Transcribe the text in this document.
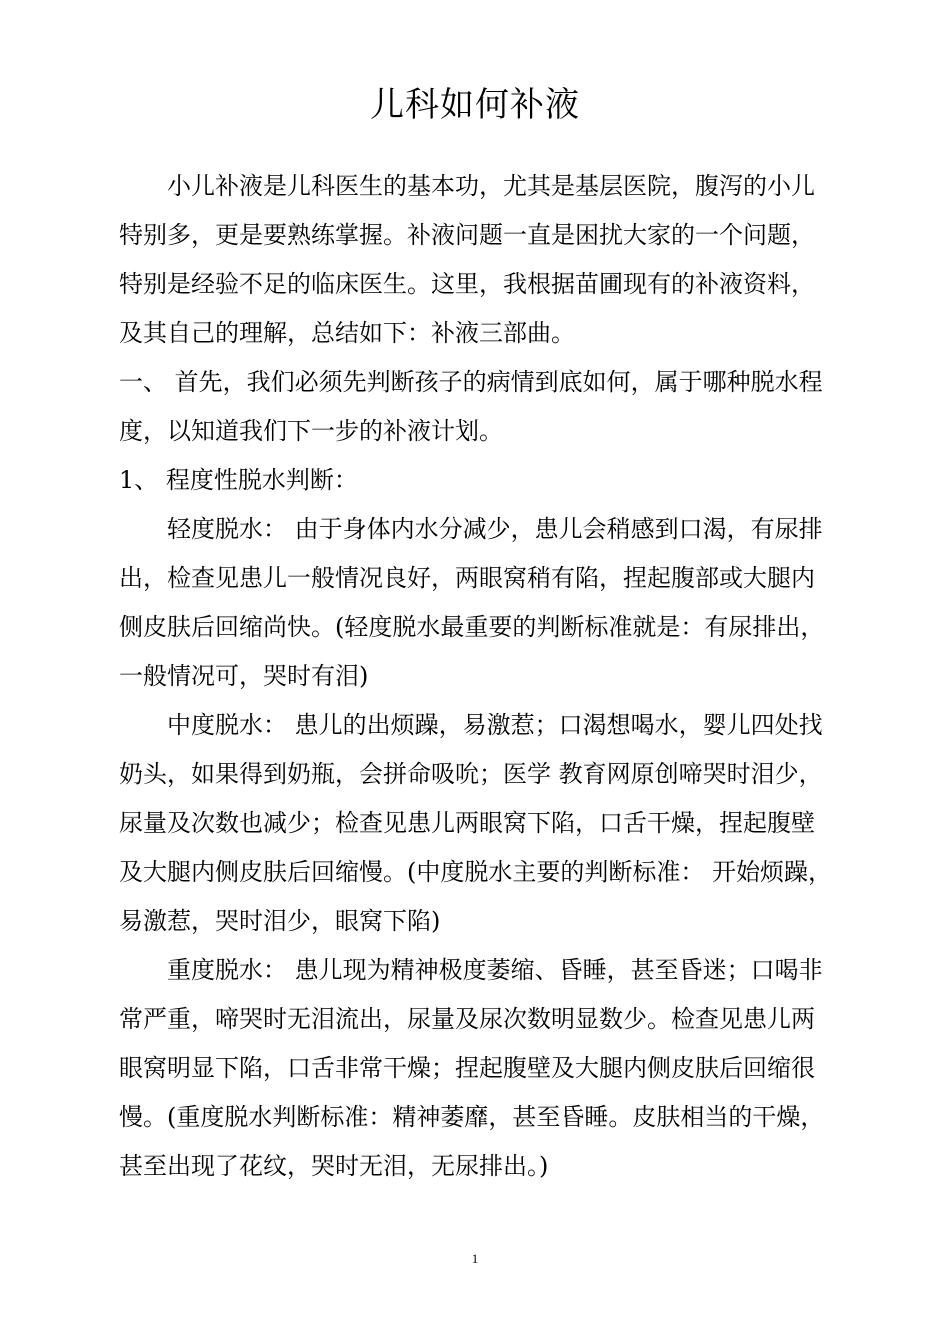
儿科如何补液

小儿补液是儿科医生的基本功，尤其是基层医院，腹泻的小儿特别多，更是要熟练掌握。补液问题一直是困扰大家的一个问题，特别是经验不足的临床医生。这里，我根据苗圃现有的补液资料，及其自己的理解，总结如下：补液三部曲。

一、 首先，我们必须先判断孩子的病情到底如何，属于哪种脱水程度，以知道我们下一步的补液计划。

1、 程度性脱水判断：

轻度脱水： 由于身体内水分减少，患儿会稍感到口渴，有尿排出，检查见患儿一般情况良好，两眼窝稍有陷，捏起腹部或大腿内侧皮肤后回缩尚快。(轻度脱水最重要的判断标准就是：有尿排出，一般情况可，哭时有泪)

中度脱水： 患儿的出烦躁，易激惹；口渴想喝水，婴儿四处找奶头，如果得到奶瓶，会拼命吸吮；医学 教育网原创啼哭时泪少，尿量及次数也减少；检查见患儿两眼窝下陷，口舌干燥，捏起腹壁及大腿内侧皮肤后回缩慢。(中度脱水主要的判断标准： 开始烦躁，易激惹，哭时泪少，眼窝下陷)

重度脱水： 患儿现为精神极度萎缩、昏睡，甚至昏迷；口喝非常严重，啼哭时无泪流出，尿量及尿次数明显数少。检查见患儿两眼窝明显下陷，口舌非常干燥；捏起腹壁及大腿内侧皮肤后回缩很慢。(重度脱水判断标准：精神萎靡，甚至昏睡。皮肤相当的干燥，甚至出现了花纹，哭时无泪，无尿排出。)

1
